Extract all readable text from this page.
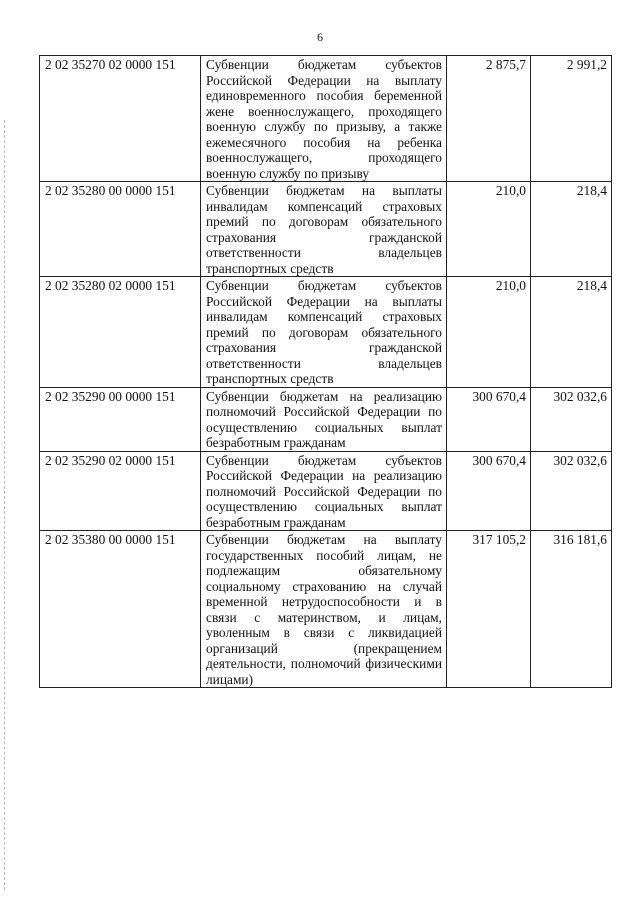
6
2 02 35270 02 0000 151	Субвенции бюджетам субъектов Российской Федерации на выплату единовременного пособия беременной жене военнослужащего, проходящего военную службу по призыву, а также ежемесячного пособия на ребенка военнослужащего, проходящего военную службу по призыву	2 875,7	2 991,2
2 02 35280 00 0000 151	Субвенции бюджетам на выплаты инвалидам компенсаций страховых премий по договорам обязательного страхования гражданской ответственности владельцев транспортных средств	210,0	218,4
2 02 35280 02 0000 151	Субвенции бюджетам субъектов Российской Федерации на выплаты инвалидам компенсаций страховых премий по договорам обязательного страхования гражданской ответственности владельцев транспортных средств	210,0	218,4
2 02 35290 00 0000 151	Субвенции бюджетам на реализацию полномочий Российской Федерации по осуществлению социальных выплат безработным гражданам	300 670,4	302 032,6
2 02 35290 02 0000 151	Субвенции бюджетам субъектов Российской Федерации на реализацию полномочий Российской Федерации по осуществлению социальных выплат безработным гражданам	300 670,4	302 032,6
2 02 35380 00 0000 151	Субвенции бюджетам на выплату государственных пособий лицам, не подлежащим обязательному социальному страхованию на случай временной нетрудоспособности и в связи с материнством, и лицам, уволенным в связи с ликвидацией организаций (прекращением деятельности, полномочий физическими лицами)	317 105,2	316 181,6
